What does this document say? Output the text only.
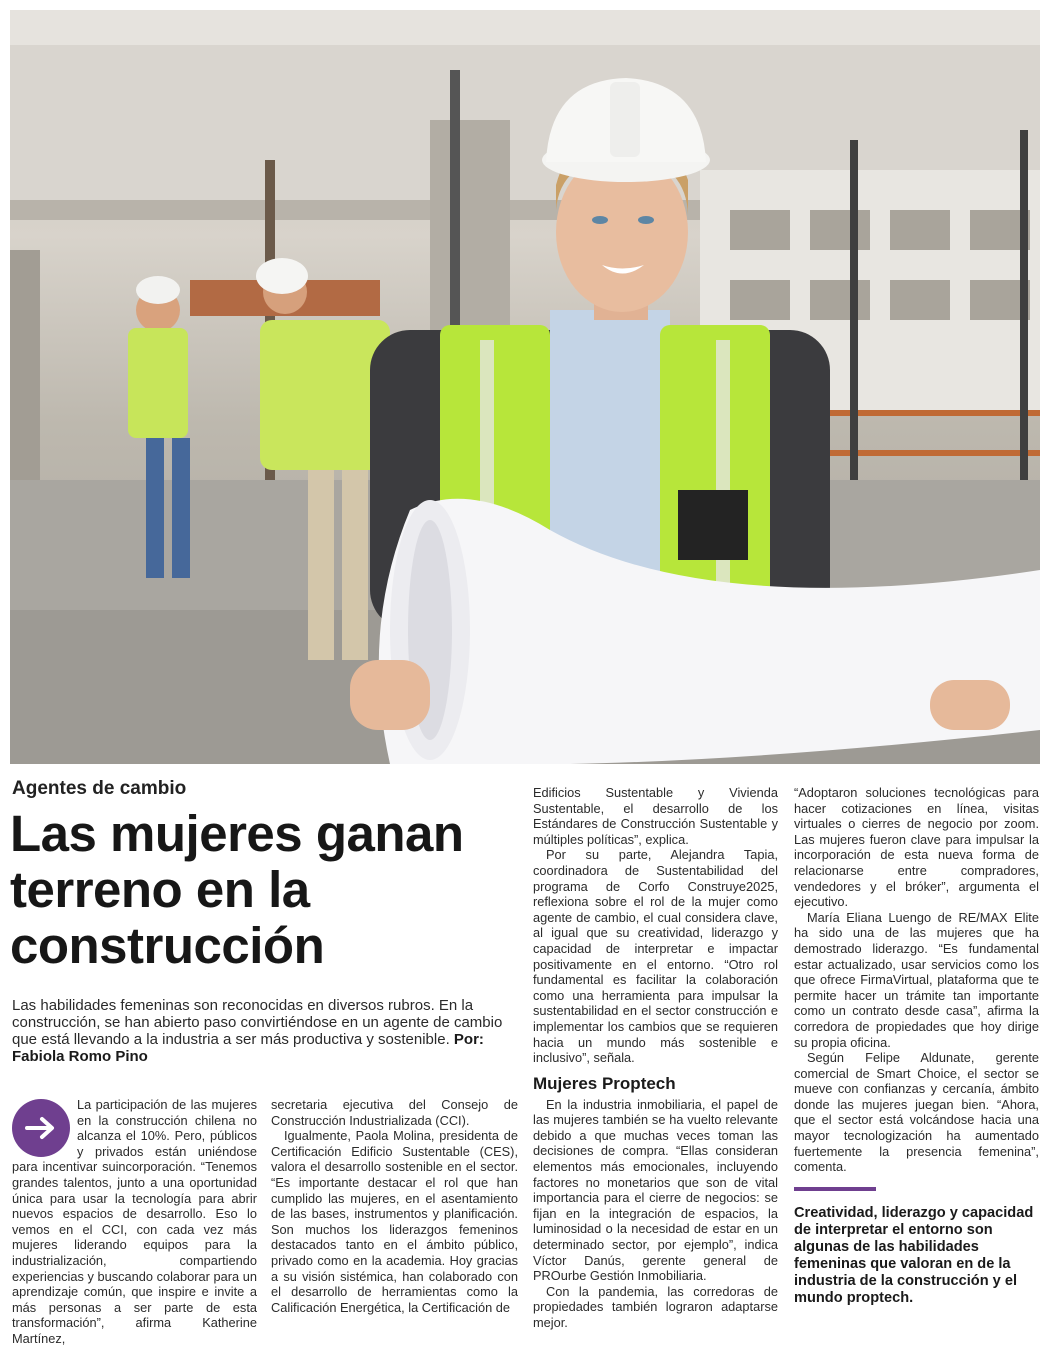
Agentes de cambio
Las mujeres ganan terreno en la construcción

Las habilidades femeninas son reconocidas en diversos rubros. En la construcción, se han abierto paso convirtiéndose en un agente de cambio que está llevando a la industria a ser más productiva y sostenible. Por: Fabiola Romo Pino

La participación de las mujeres en la construcción chilena no alcanza el 10%. Pero, públicos y privados están uniéndose para incentivar suincorporación. “Tenemos grandes talentos, junto a una oportunidad única para usar la tecnología para abrir nuevos espacios de desarrollo. Eso lo vemos en el CCI, con cada vez más mujeres liderando equipos para la industrialización, compartiendo experiencias y buscando colaborar para un aprendizaje común, que inspire e invite a más personas a ser parte de esta transformación”, afirma Katherine Martínez,

secretaria ejecutiva del Consejo de Construcción Industrializada (CCI).

Igualmente, Paola Molina, presidenta de Certificación Edificio Sustentable (CES), valora el desarrollo sostenible en el sector. “Es importante destacar el rol que han cumplido las mujeres, en el asentamiento de las bases, instrumentos y planificación. Son muchos los liderazgos femeninos destacados tanto en el ámbito público, privado como en la academia. Hoy gracias a su visión sistémica, han colaborado con el desarrollo de herramientas como la Calificación Energética, la Certificación de

Edificios Sustentable y Vivienda Sustentable, el desarrollo de los Estándares de Construcción Sustentable y múltiples políticas”, explica.

Por su parte, Alejandra Tapia, coordinadora de Sustentabilidad del programa de Corfo Construye2025, reflexiona sobre el rol de la mujer como agente de cambio, el cual considera clave, al igual que su creatividad, liderazgo y capacidad de interpretar e impactar positivamente en el entorno. “Otro rol fundamental es facilitar la colaboración como una herramienta para impulsar la sustentabilidad en el sector construcción e implementar los cambios que se requieren hacia un mundo más sostenible e inclusivo”, señala.

Mujeres Proptech

En la industria inmobiliaria, el papel de las mujeres también se ha vuelto relevante debido a que muchas veces toman las decisiones de compra. “Ellas consideran elementos más emocionales, incluyendo factores no monetarios que son de vital importancia para el cierre de negocios: se fijan en la integración de espacios, la luminosidad o la necesidad de estar en un determinado sector, por ejemplo”, indica Víctor Danús, gerente general de PROurbe Gestión Inmobiliaria.

Con la pandemia, las corredoras de propiedades también lograron adaptarse mejor.

“Adoptaron soluciones tecnológicas para hacer cotizaciones en línea, visitas virtuales o cierres de negocio por zoom. Las mujeres fueron clave para impulsar la incorporación de esta nueva forma de relacionarse entre compradores, vendedores y el bróker”, argumenta el ejecutivo.

María Eliana Luengo de RE/MAX Elite ha sido una de las mujeres que ha demostrado liderazgo. “Es fundamental estar actualizado, usar servicios como los que ofrece FirmaVirtual, plataforma que te permite hacer un trámite tan importante como un contrato desde casa”, afirma la corredora de propiedades que hoy dirige su propia oficina.

Según Felipe Aldunate, gerente comercial de Smart Choice, el sector se mueve con confianzas y cercanía, ámbito donde las mujeres juegan bien. “Ahora, que el sector está volcándose hacia una mayor tecnologización ha aumentado fuertemente la presencia femenina”, comenta.

Creatividad, liderazgo y capacidad de interpretar el entorno son algunas de las habilidades femeninas que valoran en de la industria de la construcción y el mundo proptech.
